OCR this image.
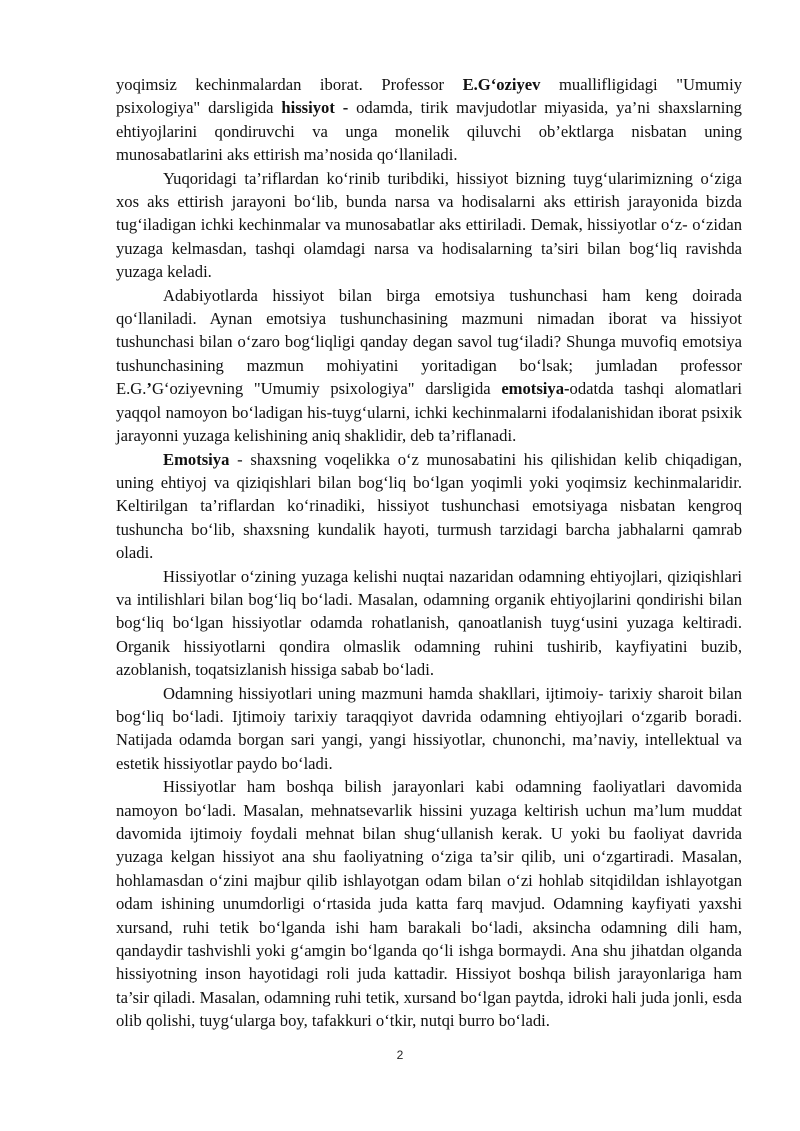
yoqimsiz kechinmalardan iborat. Professor E.G‘oziyev muallifligidagi "Umumiy psixologiya" darsligida hissiyot - odamda, tirik mavjudotlar miyasida, ya’ni shaxslarning ehtiyojlarini qondiruvchi va unga monelik qiluvchi ob’ektlarga nisbatan uning munosabatlarini aks ettirish ma’nosida qo‘llaniladi.

Yuqoridagi ta’riflardan ko‘rinib turibdiki, hissiyot bizning tuyg‘ularimizning o‘ziga xos aks ettirish jarayoni bo‘lib, bunda narsa va hodisalarni aks ettirish jarayonida bizda tug‘iladigan ichki kechinmalar va munosabatlar aks ettiriladi. Demak, hissiyotlar o‘z- o‘zidan yuzaga kelmasdan, tashqi olamdagi narsa va hodisalarning ta’siri bilan bog‘liq ravishda yuzaga keladi.

Adabiyotlarda hissiyot bilan birga emotsiya tushunchasi ham keng doirada qo‘llaniladi. Aynan emotsiya tushunchasining mazmuni nimadan iborat va hissiyot tushunchasi bilan o‘zaro bog‘liqligi qanday degan savol tug‘iladi? Shunga muvofiq emotsiya tushunchasining mazmun mohiyatini yoritadigan bo‘lsak; jumladan professor E.G.’G‘oziyevning "Umumiy psixologiya" darsligida emotsiya-odatda tashqi alomatlari yaqqol namoyon bo‘ladigan his-tuyg‘ularni, ichki kechinmalarni ifodalanishidan iborat psixik jarayonni yuzaga kelishining aniq shaklidir, deb ta’riflanadi.

Emotsiya - shaxsning voqelikka o‘z munosabatini his qilishidan kelib chiqadigan, uning ehtiyoj va qiziqishlari bilan bog‘liq bo‘lgan yoqimli yoki yoqimsiz kechinmalaridir. Keltirilgan ta’riflardan ko‘rinadiki, hissiyot tushunchasi emotsiyaga nisbatan kengroq tushuncha bo‘lib, shaxsning kundalik hayoti, turmush tarzidagi barcha jabhalarni qamrab oladi.

Hissiyotlar o‘zining yuzaga kelishi nuqtai nazaridan odamning ehtiyojlari, qiziqishlari va intilishlari bilan bog‘liq bo‘ladi. Masalan, odamning organik ehtiyojlarini qondirishi bilan bog‘liq bo‘lgan hissiyotlar odamda rohatlanish, qanoatlanish tuyg‘usini yuzaga keltiradi. Organik hissiyotlarni qondira olmaslik odamning ruhini tushirib, kayfiyatini buzib, azoblanish, toqatsizlanish hissiga sabab bo‘ladi.

Odamning hissiyotlari uning mazmuni hamda shakllari, ijtimoiy- tarixiy sharoit bilan bog‘liq bo‘ladi. Ijtimoiy tarixiy taraqqiyot davrida odamning ehtiyojlari o‘zgarib boradi. Natijada odamda borgan sari yangi, yangi hissiyotlar, chunonchi, ma’naviy, intellektual va estetik hissiyotlar paydo bo‘ladi.

Hissiyotlar ham boshqa bilish jarayonlari kabi odamning faoliyatlari davomida namoyon bo‘ladi. Masalan, mehnatsevarlik hissini yuzaga keltirish uchun ma’lum muddat davomida ijtimoiy foydali mehnat bilan shug‘ullanish kerak. U yoki bu faoliyat davrida yuzaga kelgan hissiyot ana shu faoliyatning o‘ziga ta’sir qilib, uni o‘zgartiradi. Masalan, hohlamasdan o‘zini majbur qilib ishlayotgan odam bilan o‘zi hohlab sitqidildan ishlayotgan odam ishining unumdorligi o‘rtasida juda katta farq mavjud. Odamning kayfiyati yaxshi xursand, ruhi tetik bo‘lganda ishi ham barakali bo‘ladi, aksincha odamning dili ham, qandaydir tashvishli yoki g‘amgin bo‘lganda qo‘li ishga bormaydi. Ana shu jihatdan olganda hissiyotning inson hayotidagi roli juda kattadir. Hissiyot boshqa bilish jarayonlariga ham ta’sir qiladi. Masalan, odamning ruhi tetik, xursand bo‘lgan paytda, idroki hali juda jonli, esda olib qolishi, tuyg‘ularga boy, tafakkuri o‘tkir, nutqi burro bo‘ladi.

2
